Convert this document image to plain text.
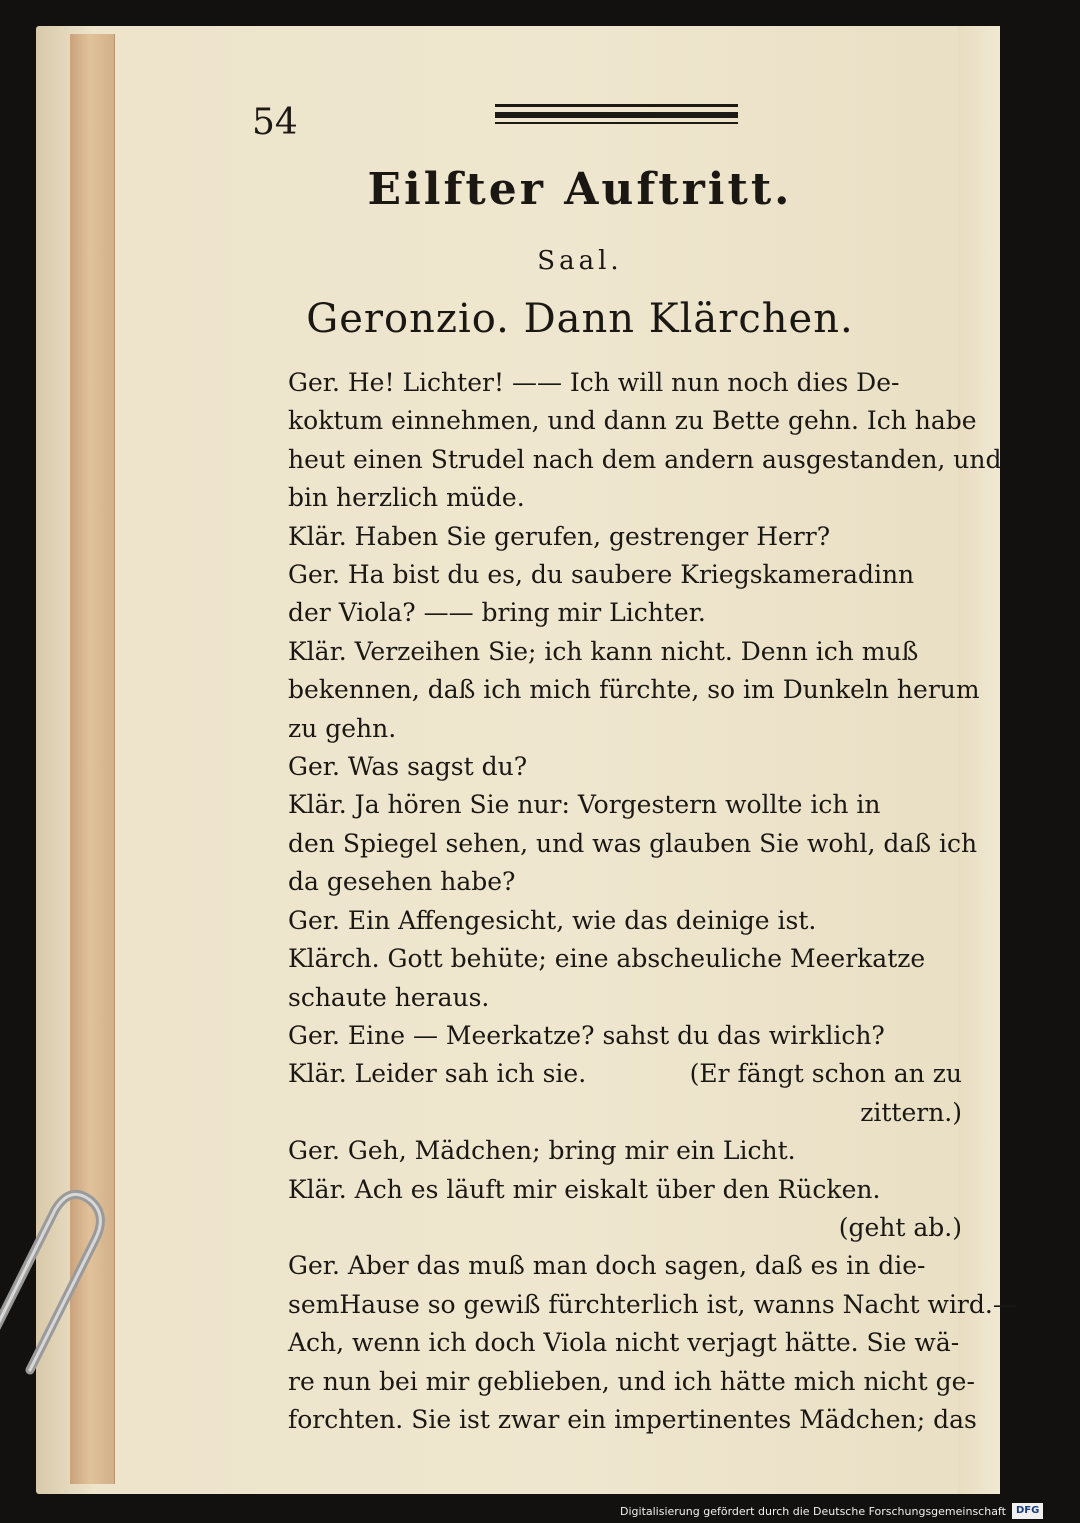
54
Eilfter Auftritt.
Saal.
Geronzio. Dann Klärchen.

Ger. He! Lichter! —— Ich will nun noch dies De-
koktum einnehmen, und dann zu Bette gehn. Ich habe
heut einen Strudel nach dem andern ausgestanden, und
bin herzlich müde.

Klär. Haben Sie gerufen, gestrenger Herr?

Ger. Ha bist du es, du saubere Kriegskameradinn
der Viola? —— bring mir Lichter.

Klär. Verzeihen Sie; ich kann nicht. Denn ich muß
bekennen, daß ich mich fürchte, so im Dunkeln herum
zu gehn.

Ger. Was sagst du?

Klär. Ja hören Sie nur: Vorgestern wollte ich in
den Spiegel sehen, und was glauben Sie wohl, daß ich
da gesehen habe?

Ger. Ein Affengesicht, wie das deinige ist.

Klärch. Gott behüte; eine abscheuliche Meerkatze
schaute heraus.

Ger. Eine — Meerkatze? sahst du das wirklich?

Klär. Leider sah ich sie.	(Er fängt schon an zu
zittern.)

Ger. Geh, Mädchen; bring mir ein Licht.

Klär. Ach es läuft mir eiskalt über den Rücken.
(geht ab.)

Ger. Aber das muß man doch sagen, daß es in die-
semHause so gewiß fürchterlich ist, wanns Nacht wird.—
Ach, wenn ich doch Viola nicht verjagt hätte. Sie wä-
re nun bei mir geblieben, und ich hätte mich nicht ge-
forchten. Sie ist zwar ein impertinentes Mädchen; das

Digitalisierung gefördert durch die Deutsche Forschungsgemeinschaft	DFG
